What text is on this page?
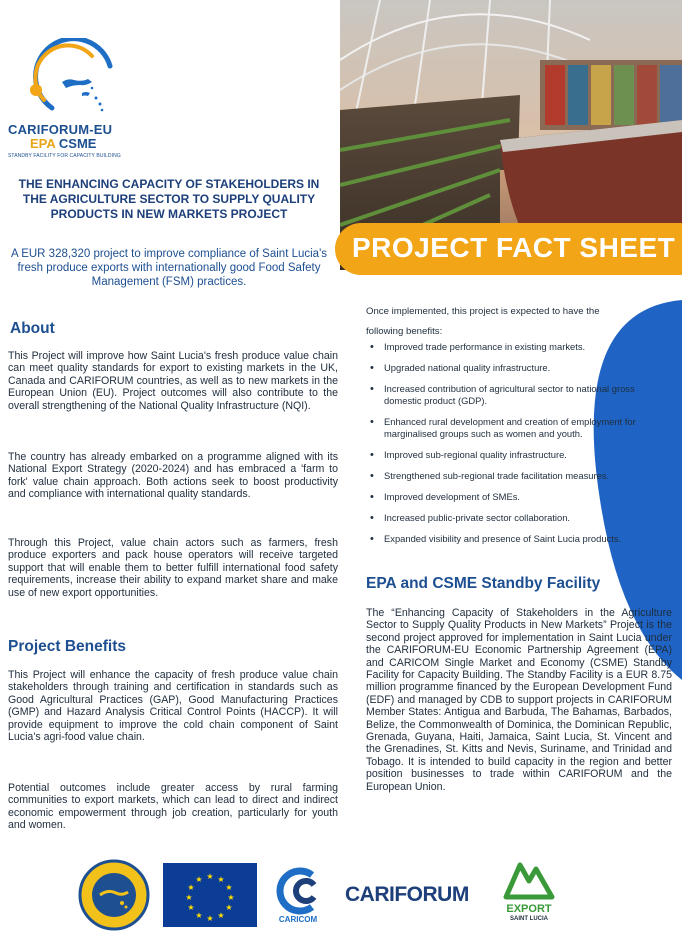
CARIFORUM-EU
EPA CSME
STANDBY FACILITY FOR CAPACITY BUILDING
PROJECT FACT SHEET
THE ENHANCING CAPACITY OF STAKEHOLDERS IN THE AGRICULTURE SECTOR TO SUPPLY QUALITY PRODUCTS IN NEW MARKETS PROJECT
A EUR 328,320 project to improve compliance of Saint Lucia's fresh produce exports with internationally good Food Safety Management (FSM) practices.
About
This Project will improve how Saint Lucia's fresh produce value chain can meet quality standards for export to existing markets in the UK, Canada and CARIFORUM countries, as well as to new markets in the European Union (EU). Project outcomes will also contribute to the overall strengthening of the National Quality Infrastructure (NQI).
The country has already embarked on a programme aligned with its National Export Strategy (2020-2024) and has embraced a 'farm to fork' value chain approach. Both actions seek to boost productivity and compliance with international quality standards.
Through this Project, value chain actors such as farmers, fresh produce exporters and pack house operators will receive targeted support that will enable them to better fulfill international food safety requirements, increase their ability to expand market share and make use of new export opportunities.
Project Benefits
This Project will enhance the capacity of fresh produce value chain stakeholders through training and certification in standards such as Good Agricultural Practices (GAP), Good Manufacturing Practices (GMP) and Hazard Analysis Critical Control Points (HACCP). It will provide equipment to improve the cold chain component of Saint Lucia's agri-food value chain.
Potential outcomes include greater access by rural farming communities to export markets, which can lead to direct and indirect economic empowerment through job creation, particularly for youth and women.
Once implemented, this project is expected to have the following benefits:
• Improved trade performance in existing markets.
• Upgraded national quality infrastructure.
• Increased contribution of agricultural sector to national gross domestic product (GDP).
• Enhanced rural development and creation of employment for marginalised groups such as women and youth.
• Improved sub-regional quality infrastructure.
• Strengthened sub-regional trade facilitation measures.
• Improved development of SMEs.
• Increased public-private sector collaboration.
• Expanded visibility and presence of Saint Lucia products.
EPA and CSME Standby Facility
The “Enhancing Capacity of Stakeholders in the Agriculture Sector to Supply Quality Products in New Markets” Project is the second project approved for implementation in Saint Lucia under the CARIFORUM-EU Economic Partnership Agreement (EPA) and CARICOM Single Market and Economy (CSME) Standby Facility for Capacity Building. The Standby Facility is a EUR 8.75 million programme financed by the European Development Fund (EDF) and managed by CDB to support projects in CARIFORUM Member States: Antigua and Barbuda, The Bahamas, Barbados, Belize, the Commonwealth of Dominica, the Dominican Republic, Grenada, Guyana, Haiti, Jamaica, Saint Lucia, St. Vincent and the Grenadines, St. Kitts and Nevis, Suriname, and Trinidad and Tobago. It is intended to build capacity in the region and better position businesses to trade within CARIFORUM and the European Union.
★ ★
★
★
★
★
★
★
★
★
★
★
CARICOM
CARIFORUM
EXPORT
SAINT LUCIA
